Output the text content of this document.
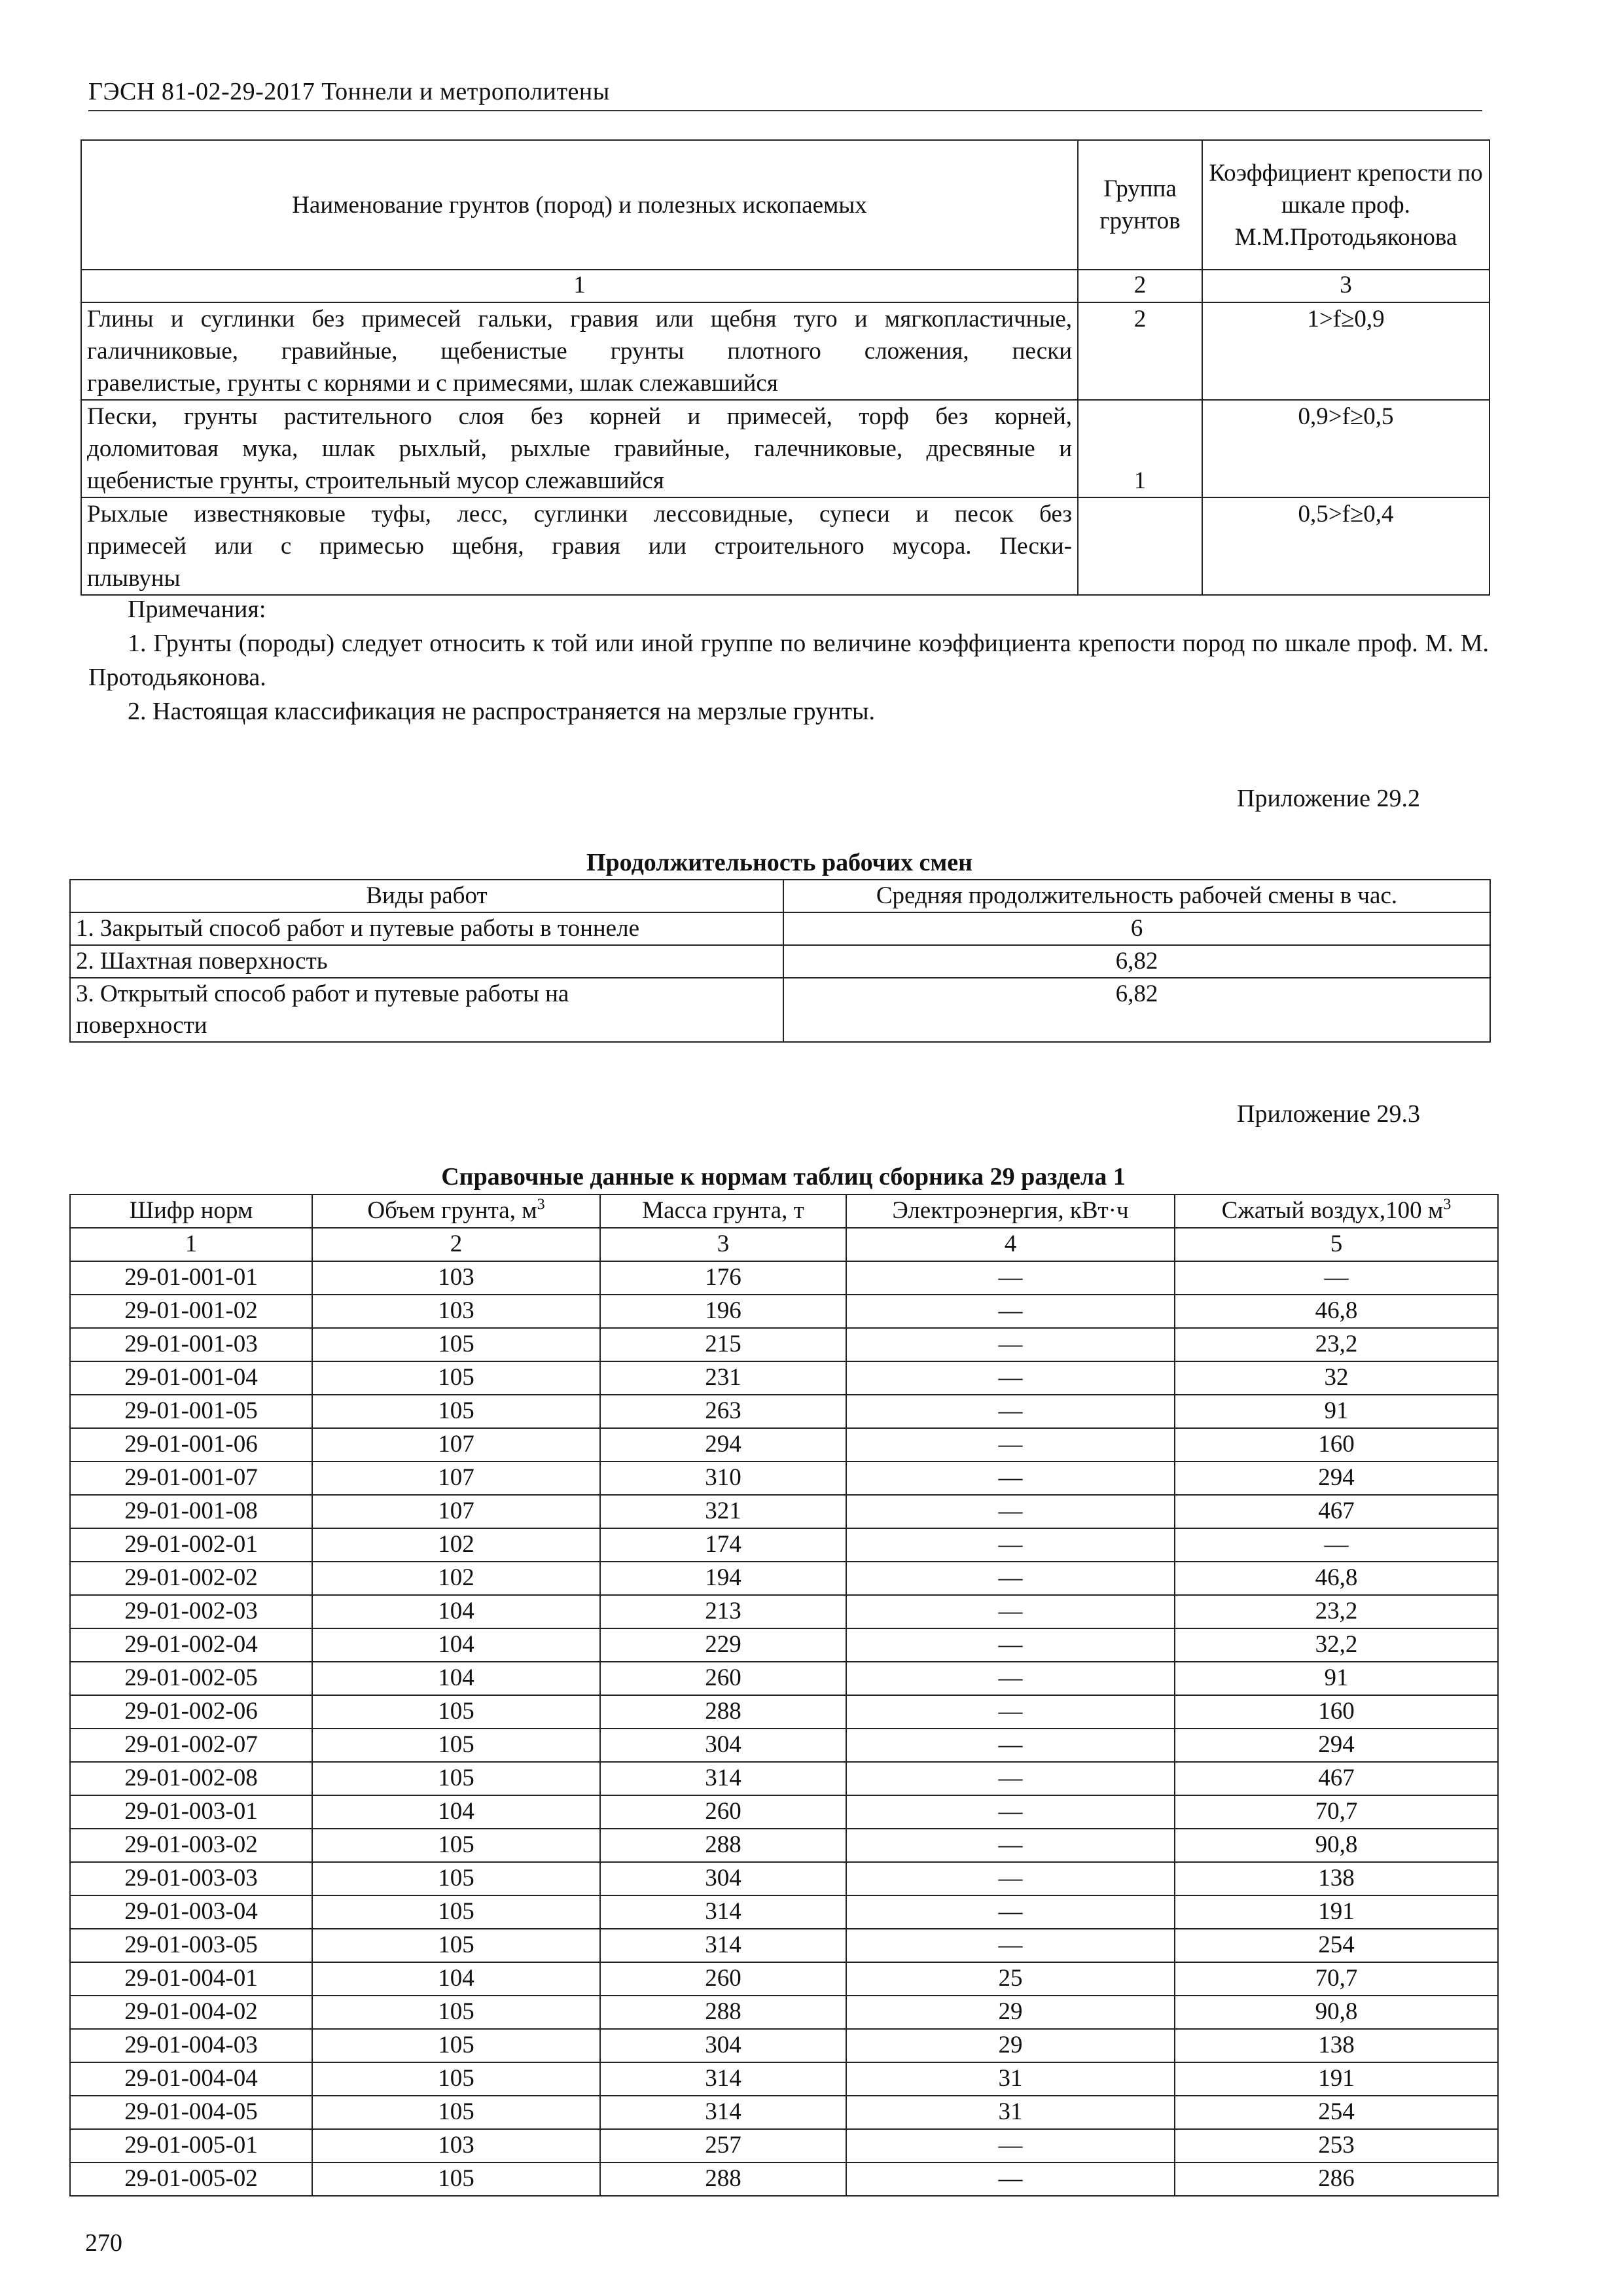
ГЭСН 81-02-29-2017 Тоннели и метрополитены
Наименование грунтов (пород) и полезных ископаемых	Группа грунтов	Коэффициент крепости по шкале проф. М.М.Протодьяконова
1	2	3

Глины и суглинки без примесей гальки, гравия или щебня туго и мягкопластичные,
галичниковые, гравийные, щебенистые грунты плотного сложения, пески
гравелистые, грунты с корнями и с примесями, шлак слежавшийся	2	1>f≥0,9

Пески, грунты растительного слоя без корней и примесей, торф без корней,
доломитовая мука, шлак рыхлый, рыхлые гравийные, галечниковые, дресвяные и
щебенистые грунты, строительный мусор слежавшийся	1	0,9>f≥0,5

Рыхлые известняковые туфы, лесс, суглинки лессовидные, супеси и песок без
примесей или с примесью щебня, гравия или строительного мусора. Пески-
плывуны		0,5>f≥0,4

Примечания:

1. Грунты (породы) следует относить к той или иной группе по величине коэффициента крепости пород по шкале проф. М. М. Протодьяконова.

2. Настоящая классификация не распространяется на мерзлые грунты.

Приложение 29.2
Продолжительность рабочих смен
Виды работ	Средняя продолжительность рабочей смены в час.
1. Закрытый способ работ и путевые работы в тоннеле	6
2. Шахтная поверхность	6,82
3. Открытый способ работ и путевые работы на поверхности	6,82
Приложение 29.3
Справочные данные к нормам таблиц сборника 29 раздела 1
Шифр норм	Объем грунта, $м^3$	Масса грунта, т	Электроэнергия, кВт·ч	Сжатый воздух,100 $м^3$
1	2	3	4	5
29-01-001-01	103	176	—	—
29-01-001-02	103	196	—	46,8
29-01-001-03	105	215	—	23,2
29-01-001-04	105	231	—	32
29-01-001-05	105	263	—	91
29-01-001-06	107	294	—	160
29-01-001-07	107	310	—	294
29-01-001-08	107	321	—	467
29-01-002-01	102	174	—	—
29-01-002-02	102	194	—	46,8
29-01-002-03	104	213	—	23,2
29-01-002-04	104	229	—	32,2
29-01-002-05	104	260	—	91
29-01-002-06	105	288	—	160
29-01-002-07	105	304	—	294
29-01-002-08	105	314	—	467
29-01-003-01	104	260	—	70,7
29-01-003-02	105	288	—	90,8
29-01-003-03	105	304	—	138
29-01-003-04	105	314	—	191
29-01-003-05	105	314	—	254
29-01-004-01	104	260	25	70,7
29-01-004-02	105	288	29	90,8
29-01-004-03	105	304	29	138
29-01-004-04	105	314	31	191
29-01-004-05	105	314	31	254
29-01-005-01	103	257	—	253
29-01-005-02	105	288	—	286
270
